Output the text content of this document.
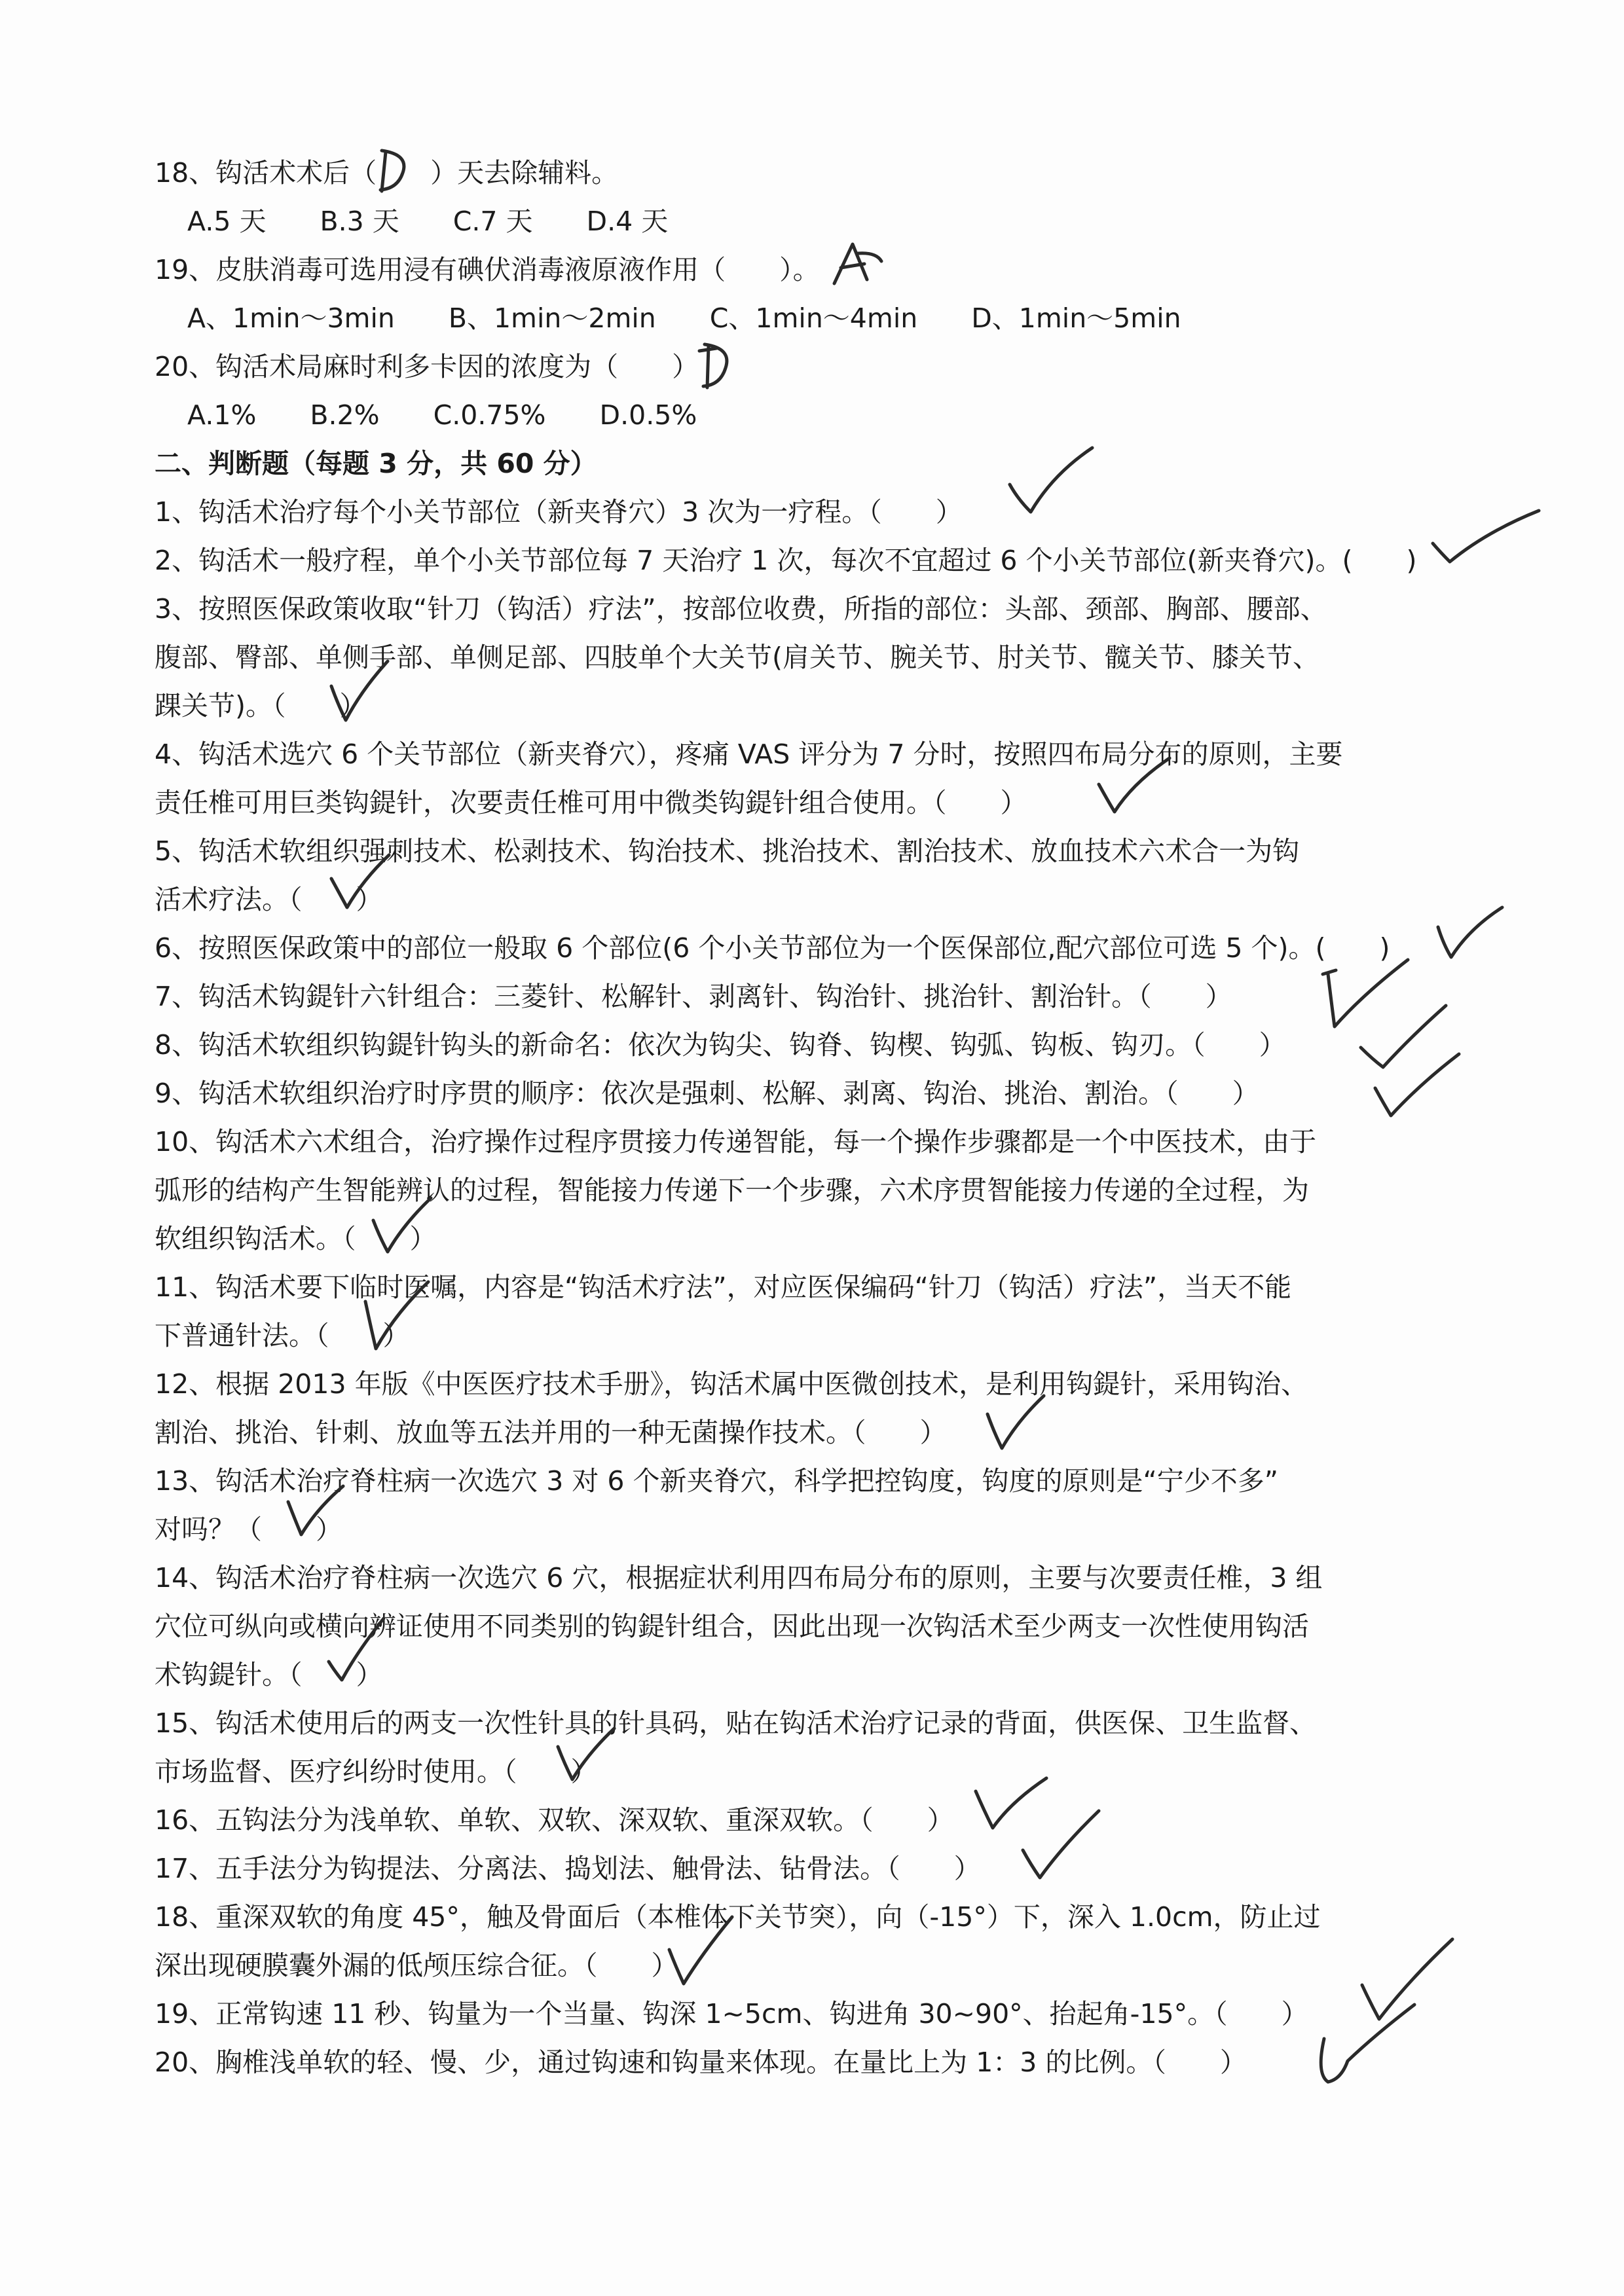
18、钩活术术后（　　）天去除辅料。
A.5 天　　B.3 天　　C.7 天　　D.4 天
19、皮肤消毒可选用浸有碘伏消毒液原液作用（　　）。
A、1min～3min　　B、1min～2min　　C、1min～4min　　D、1min～5min
20、钩活术局麻时利多卡因的浓度为（　　）
A.1%　　B.2%　　C.0.75%　　D.0.5%
二、判断题（每题 3 分，共 60 分）
1、钩活术治疗每个小关节部位（新夹脊穴）3 次为一疗程。（　　）
2、钩活术一般疗程，单个小关节部位每 7 天治疗 1 次，每次不宜超过 6 个小关节部位(新夹脊穴)。(　　)
3、按照医保政策收取“针刀（钩活）疗法”，按部位收费，所指的部位：头部、颈部、胸部、腰部、
腹部、臀部、单侧手部、单侧足部、四肢单个大关节(肩关节、腕关节、肘关节、髋关节、膝关节、
踝关节)。（　　）
4、钩活术选穴 6 个关节部位（新夹脊穴），疼痛 VAS 评分为 7 分时，按照四布局分布的原则，主要
责任椎可用巨类钩鍉针，次要责任椎可用中微类钩鍉针组合使用。（　　）
5、钩活术软组织强刺技术、松剥技术、钩治技术、挑治技术、割治技术、放血技术六术合一为钩
活术疗法。（　　）
6、按照医保政策中的部位一般取 6 个部位(6 个小关节部位为一个医保部位,配穴部位可选 5 个)。(　　)
7、钩活术钩鍉针六针组合：三菱针、松解针、剥离针、钩治针、挑治针、割治针。（　　）
8、钩活术软组织钩鍉针钩头的新命名：依次为钩尖、钩脊、钩楔、钩弧、钩板、钩刃。（　　）
9、钩活术软组织治疗时序贯的顺序：依次是强刺、松解、剥离、钩治、挑治、割治。（　　）
10、钩活术六术组合，治疗操作过程序贯接力传递智能，每一个操作步骤都是一个中医技术，由于
弧形的结构产生智能辨认的过程，智能接力传递下一个步骤，六术序贯智能接力传递的全过程，为
软组织钩活术。（　　）
11、钩活术要下临时医嘱，内容是“钩活术疗法”，对应医保编码“针刀（钩活）疗法”，当天不能
下普通针法。（　　）
12、根据 2013 年版《中医医疗技术手册》，钩活术属中医微创技术，是利用钩鍉针，采用钩治、
割治、挑治、针刺、放血等五法并用的一种无菌操作技术。（　　）
13、钩活术治疗脊柱病一次选穴 3 对 6 个新夹脊穴，科学把控钩度，钩度的原则是“宁少不多”
对吗？（　　）
14、钩活术治疗脊柱病一次选穴 6 穴，根据症状利用四布局分布的原则，主要与次要责任椎，3 组
穴位可纵向或横向辨证使用不同类别的钩鍉针组合，因此出现一次钩活术至少两支一次性使用钩活
术钩鍉针。（　　）
15、钩活术使用后的两支一次性针具的针具码，贴在钩活术治疗记录的背面，供医保、卫生监督、
市场监督、医疗纠纷时使用。（　　）
16、五钩法分为浅单软、单软、双软、深双软、重深双软。（　　）
17、五手法分为钩提法、分离法、捣划法、触骨法、钻骨法。（　　）
18、重深双软的角度 45°，触及骨面后（本椎体下关节突），向（-15°）下，深入 1.0cm，防止过
深出现硬膜囊外漏的低颅压综合征。（　　）
19、正常钩速 11 秒、钩量为一个当量、钩深 1~5cm、钩进角 30~90°、抬起角-15°。（　　）
20、胸椎浅单软的轻、慢、少，通过钩速和钩量来体现。在量比上为 1：3 的比例。（　　）
